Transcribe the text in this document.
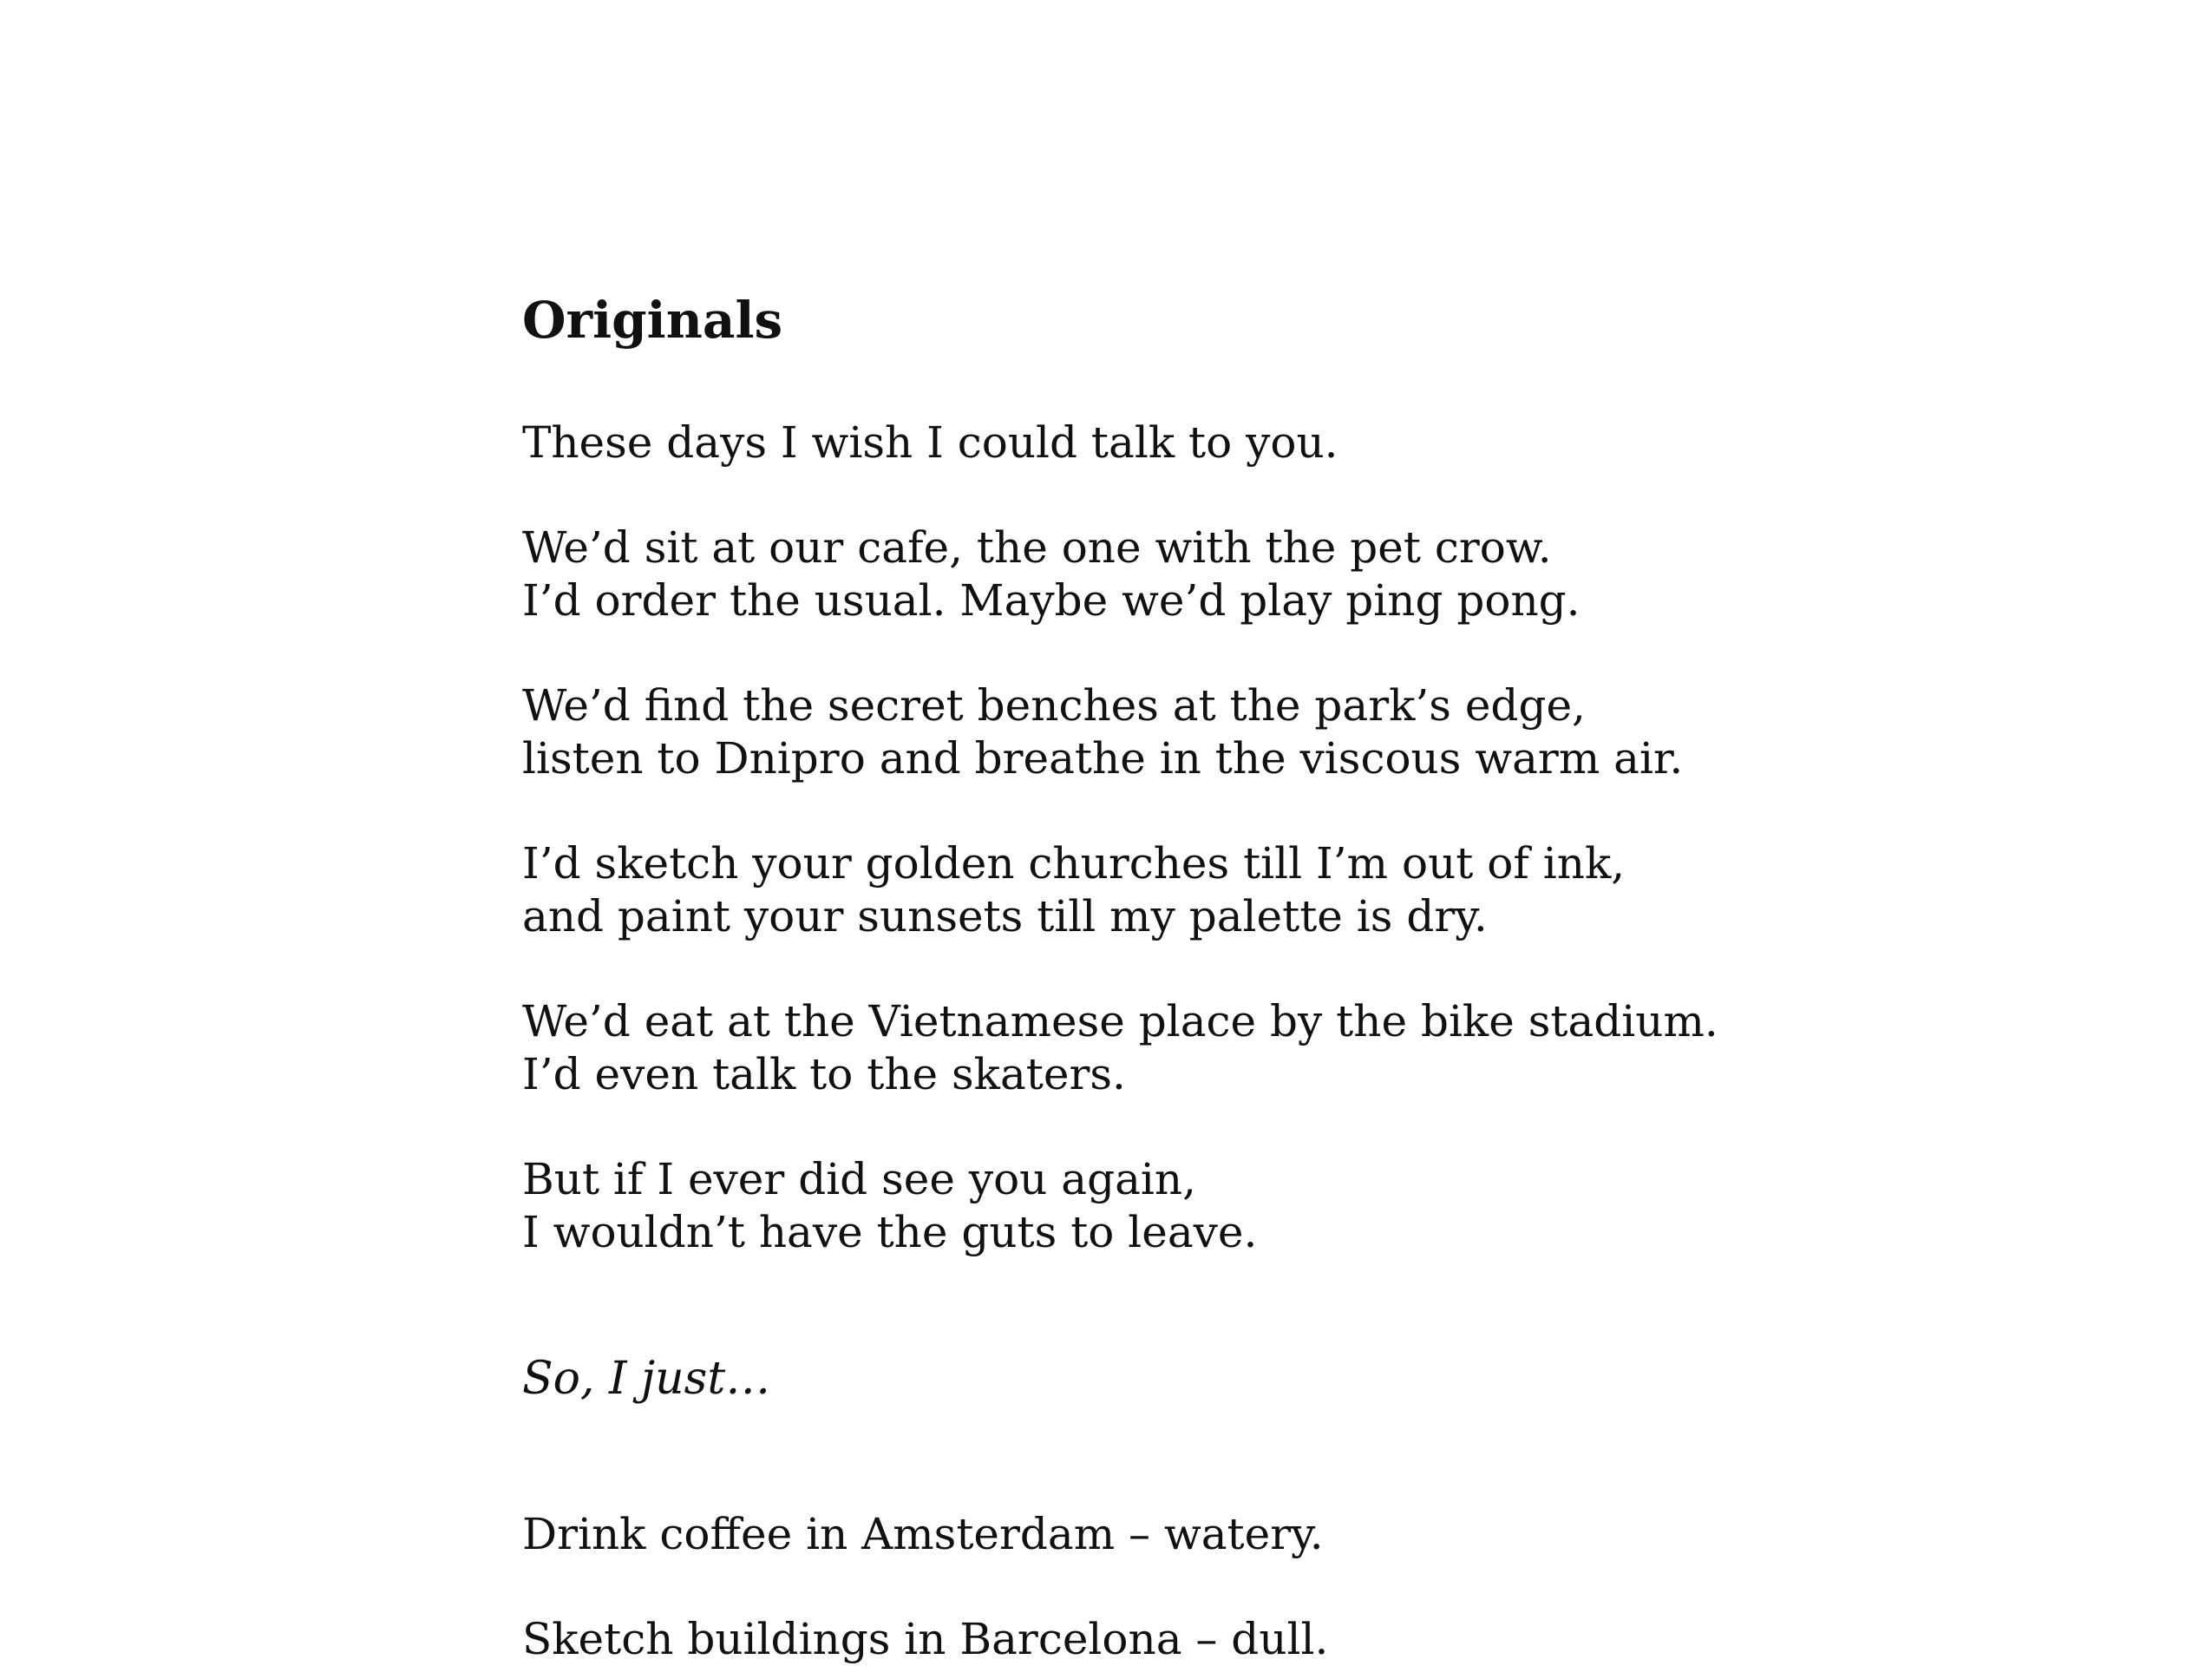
Originals

These days I wish I could talk to you.

We’d sit at our cafe, the one with the pet crow.
I’d order the usual. Maybe we’d play ping pong.

We’d find the secret benches at the park’s edge,
listen to Dnipro and breathe in the viscous warm air.

I’d sketch your golden churches till I’m out of ink,
and paint your sunsets till my palette is dry.

We’d eat at the Vietnamese place by the bike stadium.
I’d even talk to the skaters.

But if I ever did see you again,
I wouldn’t have the guts to leave.

So, I just…

Drink coffee in Amsterdam – watery.

Sketch buildings in Barcelona – dull.
